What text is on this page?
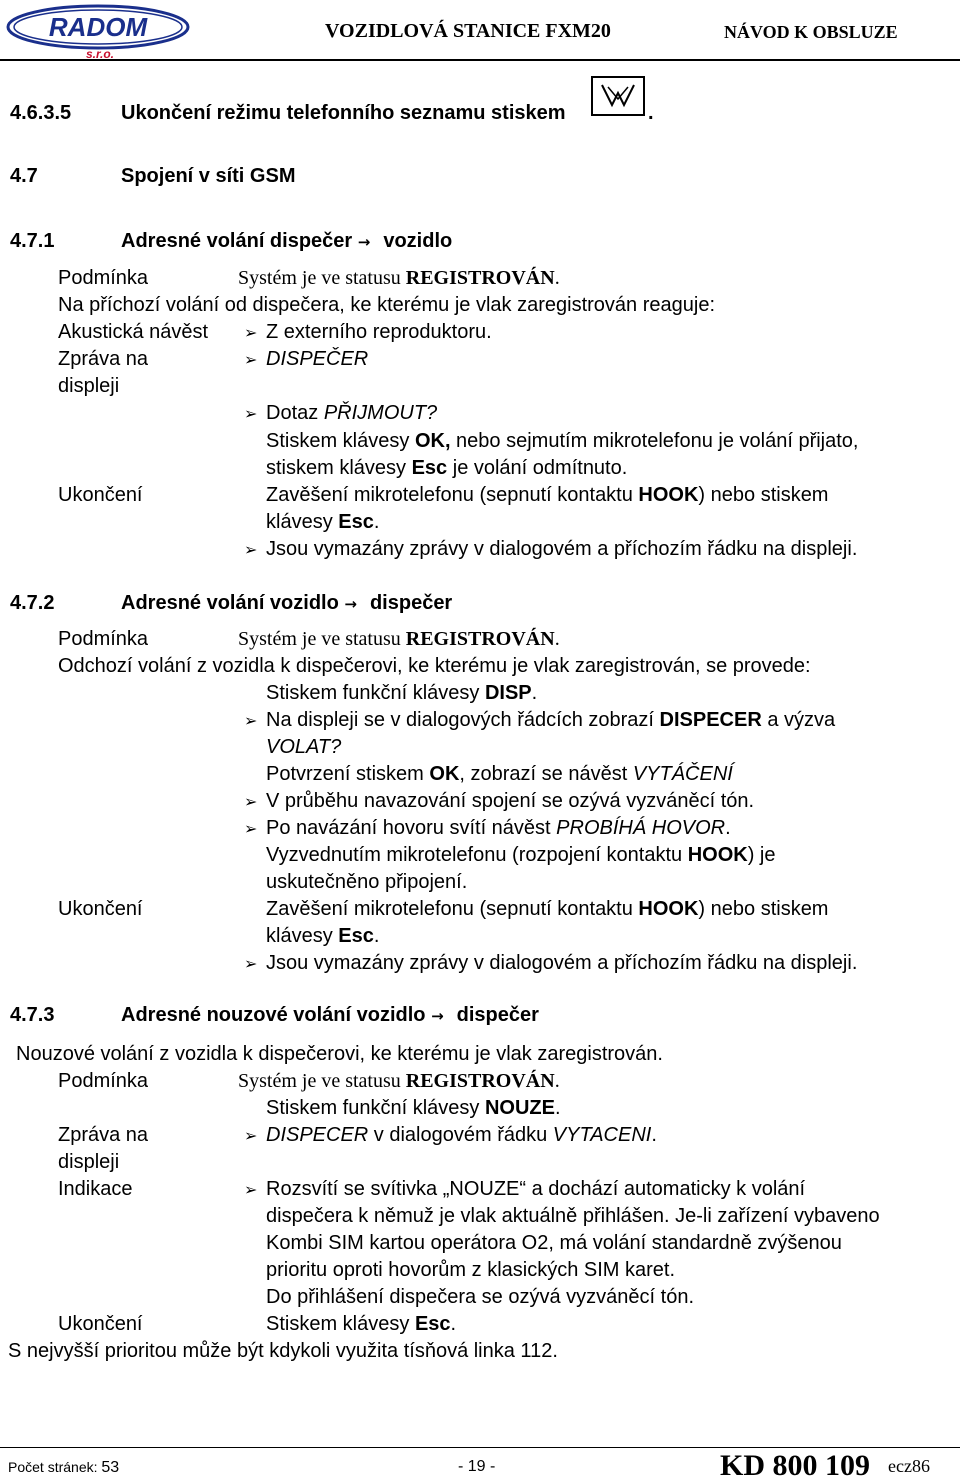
RADOM
s.r.o.
VOZIDLOVÁ STANICE FXM20	NÁVOD K OBSLUZE
4.6.3.5 Ukončení režimu telefonního seznamu stiskem	.
4.7	Spojení v síti GSM
4.7.1	Adresné volání dispečer → vozidlo
Podmínka	Systém je ve statusu REGISTROVÁN.
Na příchozí volání od dispečera, ke kterému je vlak zaregistrován reaguje:
Akustická návěst ➢ Z externího reproduktoru.
Zpráva na
displeji
➢ DISPEČER
➢ Dotaz PŘIJMOUT?
Stiskem klávesy OK, nebo sejmutím mikrotelefonu je volání přijato,
stiskem klávesy Esc je volání odmítnuto.
Ukončení	Zavěšení mikrotelefonu (sepnutí kontaktu HOOK) nebo stiskem
klávesy Esc.
➢ Jsou vymazány zprávy v dialogovém a příchozím řádku na displeji.
4.7.2	Adresné volání vozidlo → dispečer
Podmínka	Systém je ve statusu REGISTROVÁN.
Odchozí volání z vozidla k dispečerovi, ke kterému je vlak zaregistrován, se provede:
Stiskem funkční klávesy DISP.
➢ Na displeji se v dialogových řádcích zobrazí DISPECER a výzva
VOLAT?
Potvrzení stiskem OK, zobrazí se návěst VYTÁČENÍ
➢ V průběhu navazování spojení se ozývá vyzváněcí tón.
➢ Po navázání hovoru svítí návěst PROBÍHÁ HOVOR.
Vyzvednutím mikrotelefonu (rozpojení kontaktu HOOK) je
uskutečněno připojení.
Ukončení	Zavěšení mikrotelefonu (sepnutí kontaktu HOOK) nebo stiskem
klávesy Esc.
➢ Jsou vymazány zprávy v dialogovém a příchozím řádku na displeji.
4.7.3	Adresné nouzové volání vozidlo → dispečer
Nouzové volání z vozidla k dispečerovi, ke kterému je vlak zaregistrován.
Podmínka	Systém je ve statusu REGISTROVÁN.
Stiskem funkční klávesy NOUZE.
Zpráva na
displeji
➢ DISPECER v dialogovém řádku VYTACENI.
Indikace	➢ Rozsvítí se svítivka „NOUZE“ a dochází automaticky k volání
dispečera k němuž je vlak aktuálně přihlášen. Je-li zařízení vybaveno
Kombi SIM kartou operátora O2, má volání standardně zvýšenou
prioritu oproti hovorům z klasických SIM karet.
Do přihlášení dispečera se ozývá vyzváněcí tón.
Ukončení	Stiskem klávesy Esc.
S nejvyšší prioritou může být kdykoli využita tísňová linka 112.
Počet stránek: 53	- 19 -	KD 800 109 ecz86
